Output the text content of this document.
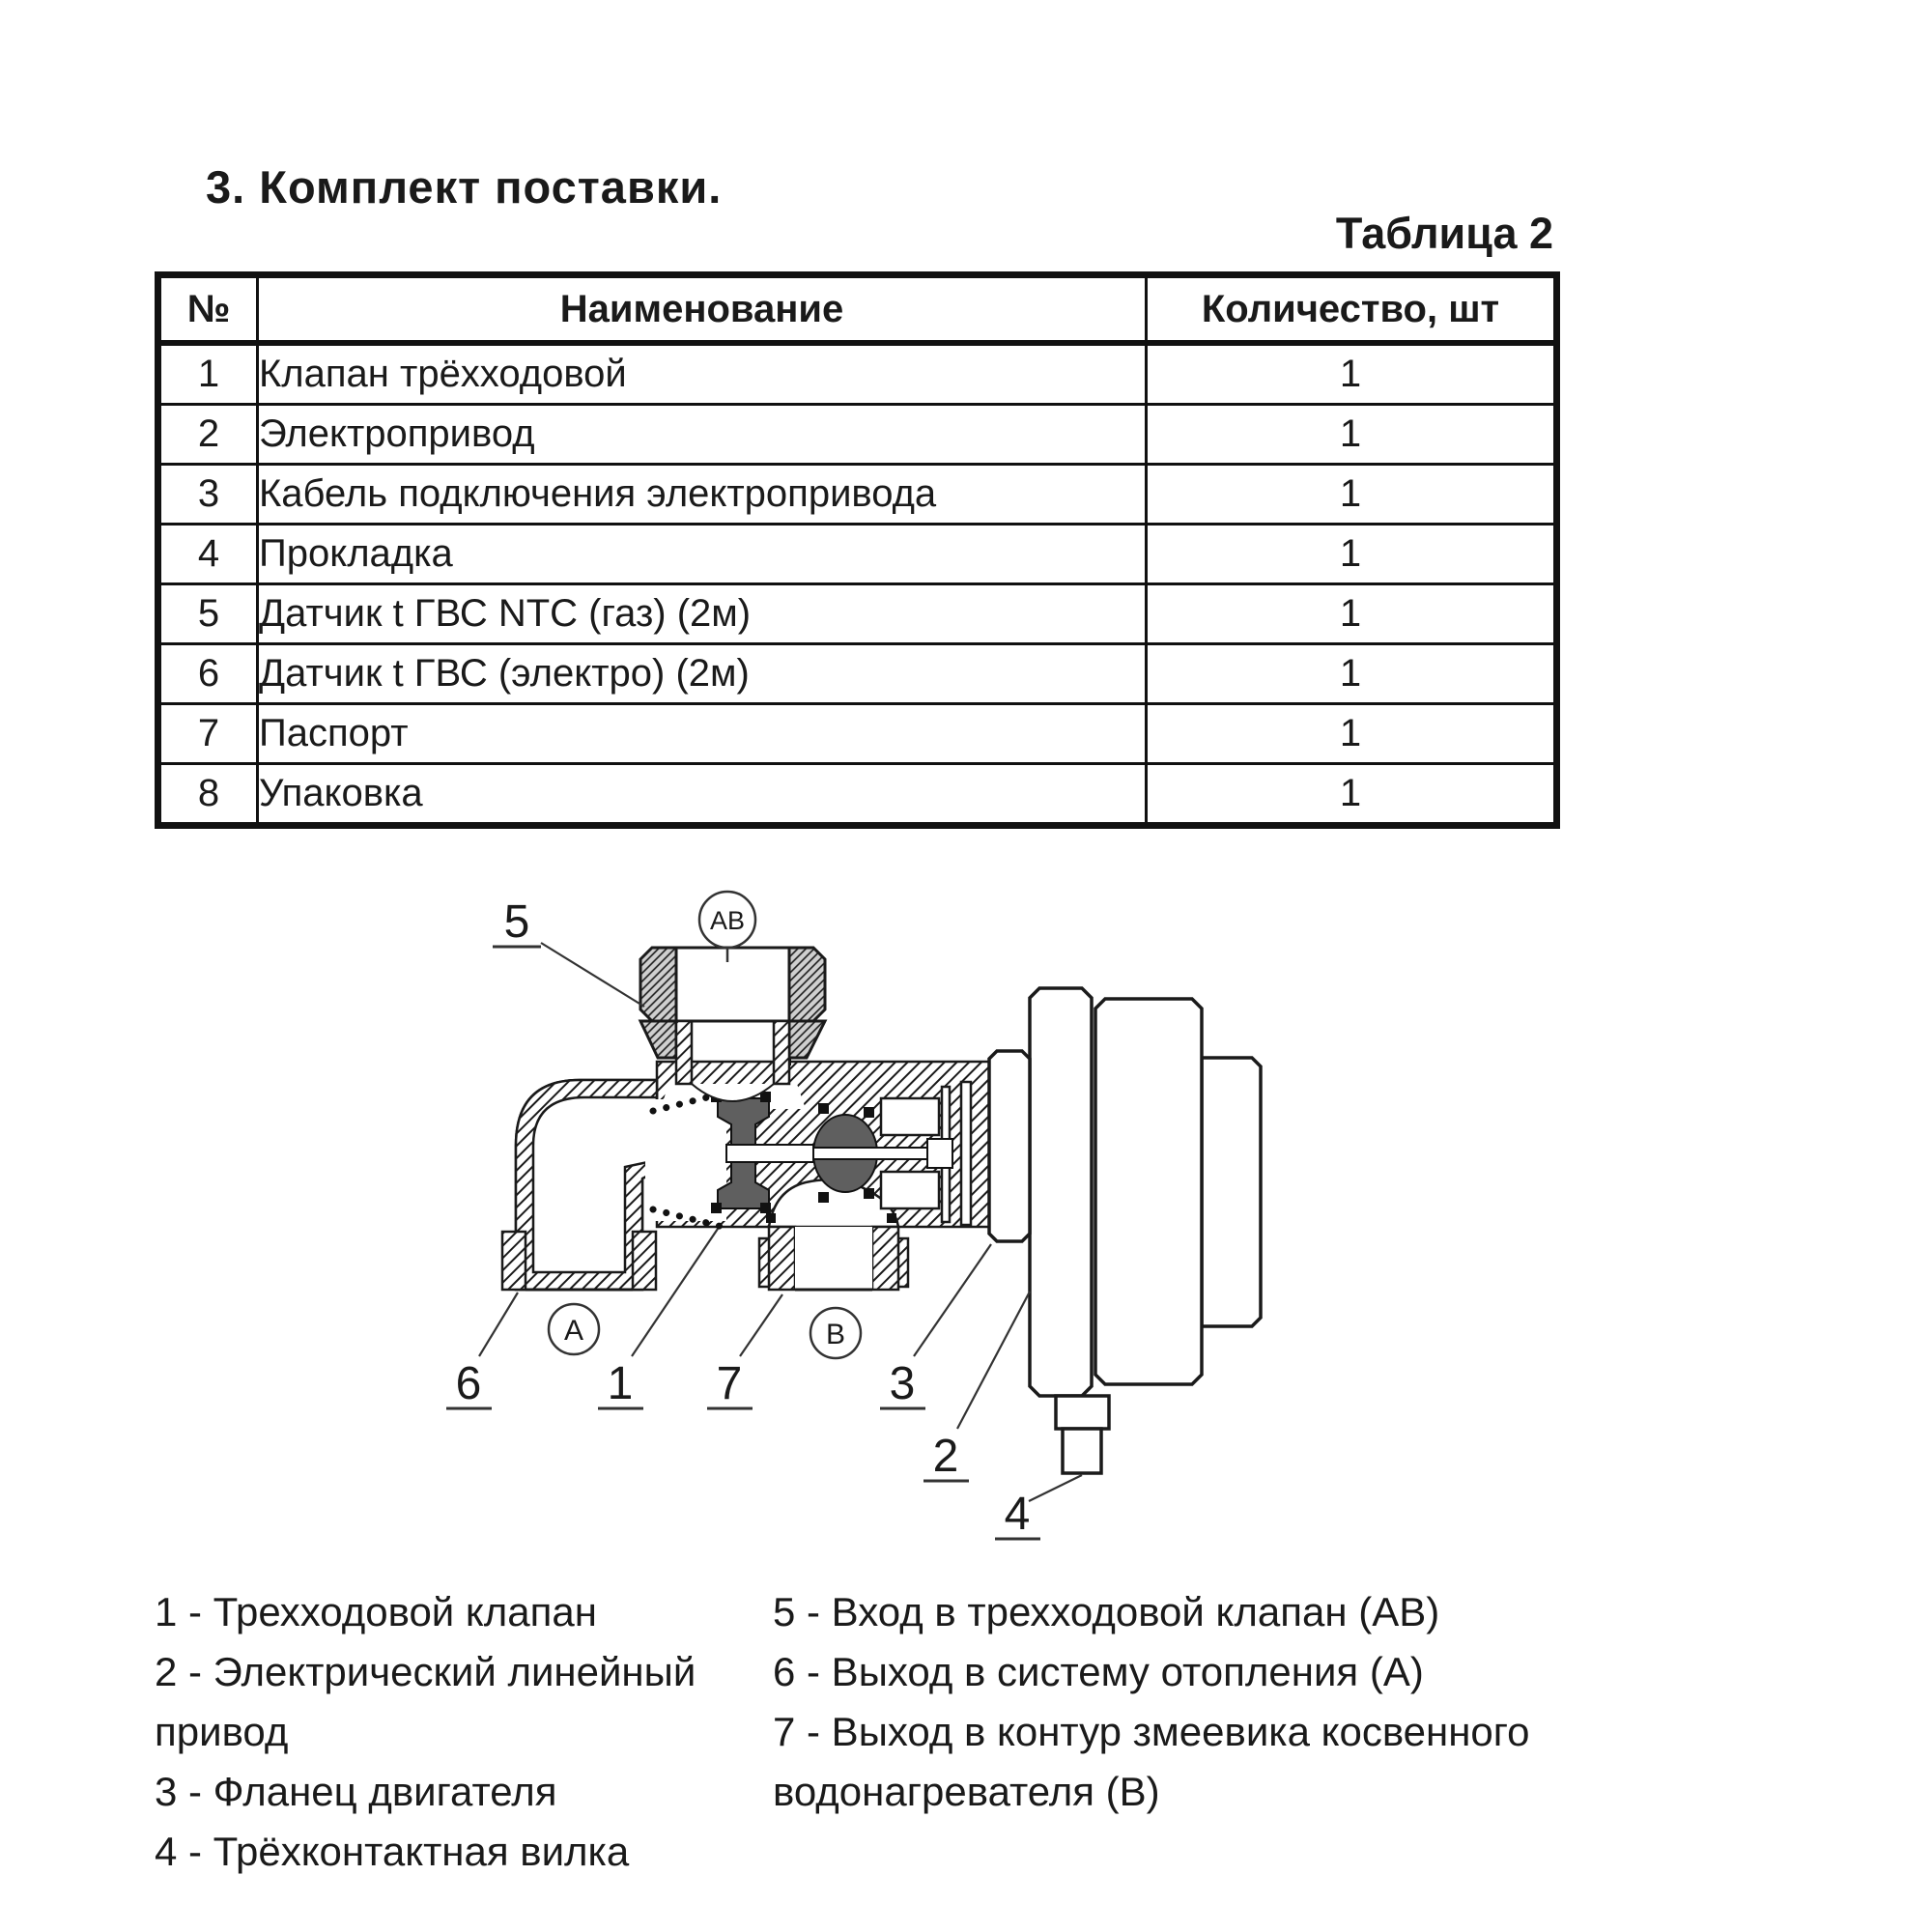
3. Комплект поставки.
Таблица 2
№	Наименование	Количество, шт
1	Клапан трёхходовой	1
2	Электропривод	1
3	Кабель подключения электропривода	1
4	Прокладка	1
5	Датчик t ГВС NTC (газ) (2м)	1
6	Датчик t ГВС (электро) (2м)	1
7	Паспорт	1
8	Упаковка	1
AB
A	B
5
6	1 7	3
2
4
1 - Трехходовой клапан
2 - Электрический линейный привод
3 - Фланец двигателя
4 - Трёхконтактная вилка
5 - Вход в трехходовой клапан (АВ)
6 - Выход в систему отопления (А)
7 - Выход в контур змеевика косвенного водонагревателя (В)
